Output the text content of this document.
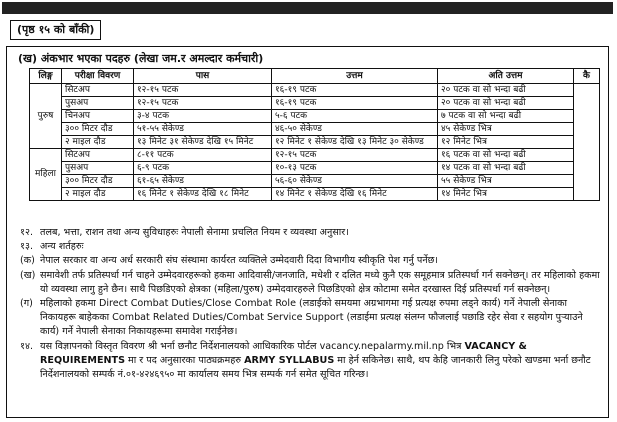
(पृष्ठ १५ को बाँकी)
(ख) अंकभार भएका पदहरु (लेखा जम.र अमल्दार कर्मचारी)
लिङ्ग	परीक्षा विवरण	पास	उत्तम	अति उत्तम	कै
पुरुष	सिटअप	१२-१५ पटक	१६-१९ पटक	२० पटक वा सो भन्दा बढी	
	पुसअप	१२-१५ पटक	१६-१९ पटक	२० पटक वा सो भन्दा बढी	
	चिनअप	३-४ पटक	५-६ पटक	७ पटक वा सो भन्दा बढी	
	३०० मिटर दौड	५१-५५ सेकेण्ड	४६-५० सेकेण्ड	४५ सेकेण्ड भित्र	
	२ माइल दौड	१३ मिनेट ३१ सेकेण्ड देखि १५ मिनेट	१२ मिनेट १ सेकेण्ड देखि १३ मिनेट ३० सेकेण्ड	१२ मिनेट भित्र	
महिला	सिटअप	८-११ पटक	१२-१५ पटक	१६ पटक वा सो भन्दा बढी	
	पुसअप	६-९ पटक	१०-१३ पटक	१४ पटक वा सो भन्दा बढी	
	३०० मिटर दौड	६१-६५ सेकेण्ड	५६-६० सेकेण्ड	५५ सेकेण्ड भित्र	
	२ माइल दौड	१६ मिनेट १ सेकेण्ड देखि १८ मिनेट	१४ मिनेट १ सेकेण्ड देखि १६ मिनेट	१४ मिनेट भित्र	
१२. तलब, भत्ता, राशन तथा अन्य सुविधाहरुः नेपाली सेनामा प्रचलित नियम र व्यवस्था अनुसार।
१३. अन्य शर्तहरुः
(क) नेपाल सरकार वा अन्य अर्ध सरकारी संघ संस्थामा कार्यरत व्यक्तिले उम्मेदवारी दिदा विभागीय स्वीकृति पेश गर्नु पर्नेछ।
(ख) समावेशी तर्फ प्रतिस्पर्धा गर्न चाहने उम्मेदवारहरूको हकमा आदिवासी/जनजाति, मधेशी र दलित मध्ये कुनै एक समूहमात्र प्रतिस्पर्धा गर्न सक्नेछन्। तर महिलाको हकमा यो व्यवस्था लागु हुने छैन। साथै पिछडिएको क्षेत्रका (महिला/पुरुष) उम्मेदवारहरुले पिछडिएको क्षेत्र कोटामा समेत दरखास्त दिई प्रतिस्पर्धा गर्न सक्नेछन्।
(ग) महिलाको हकमा Direct Combat Duties/Close Combat Role (लडाईको समयमा अग्रभागमा गई प्रत्यक्ष रुपमा लड्ने कार्य) गर्ने नेपाली सेनाका निकायहरू बाहेकका Combat Related Duties/Combat Service Support (लडाईमा प्रत्यक्ष संलग्न फौजलाई पछाडि रहेर सेवा र सहयोग पुऱ्याउने कार्य) गर्ने नेपाली सेनाका निकायहरूमा समावेश गराईनेछ।
१४. यस विज्ञापनको विस्तृत विवरण श्री भर्ना छनौट निर्देशनालयको आधिकारिक पोर्टल vacancy.nepalarmy.mil.np भित्र VACANCY & REQUIREMENTS मा र पद अनुसारका पाठ्यक्रमहरु ARMY SYLLABUS मा हेर्न सकिनेछ। साथै, थप केहि जानकारी लिनु परेको खण्डमा भर्ना छनौट निर्देशनालयको सम्पर्क नं.०१-४२४६९५० मा कार्यालय समय भित्र सम्पर्क गर्न समेत सूचित गरिन्छ।
